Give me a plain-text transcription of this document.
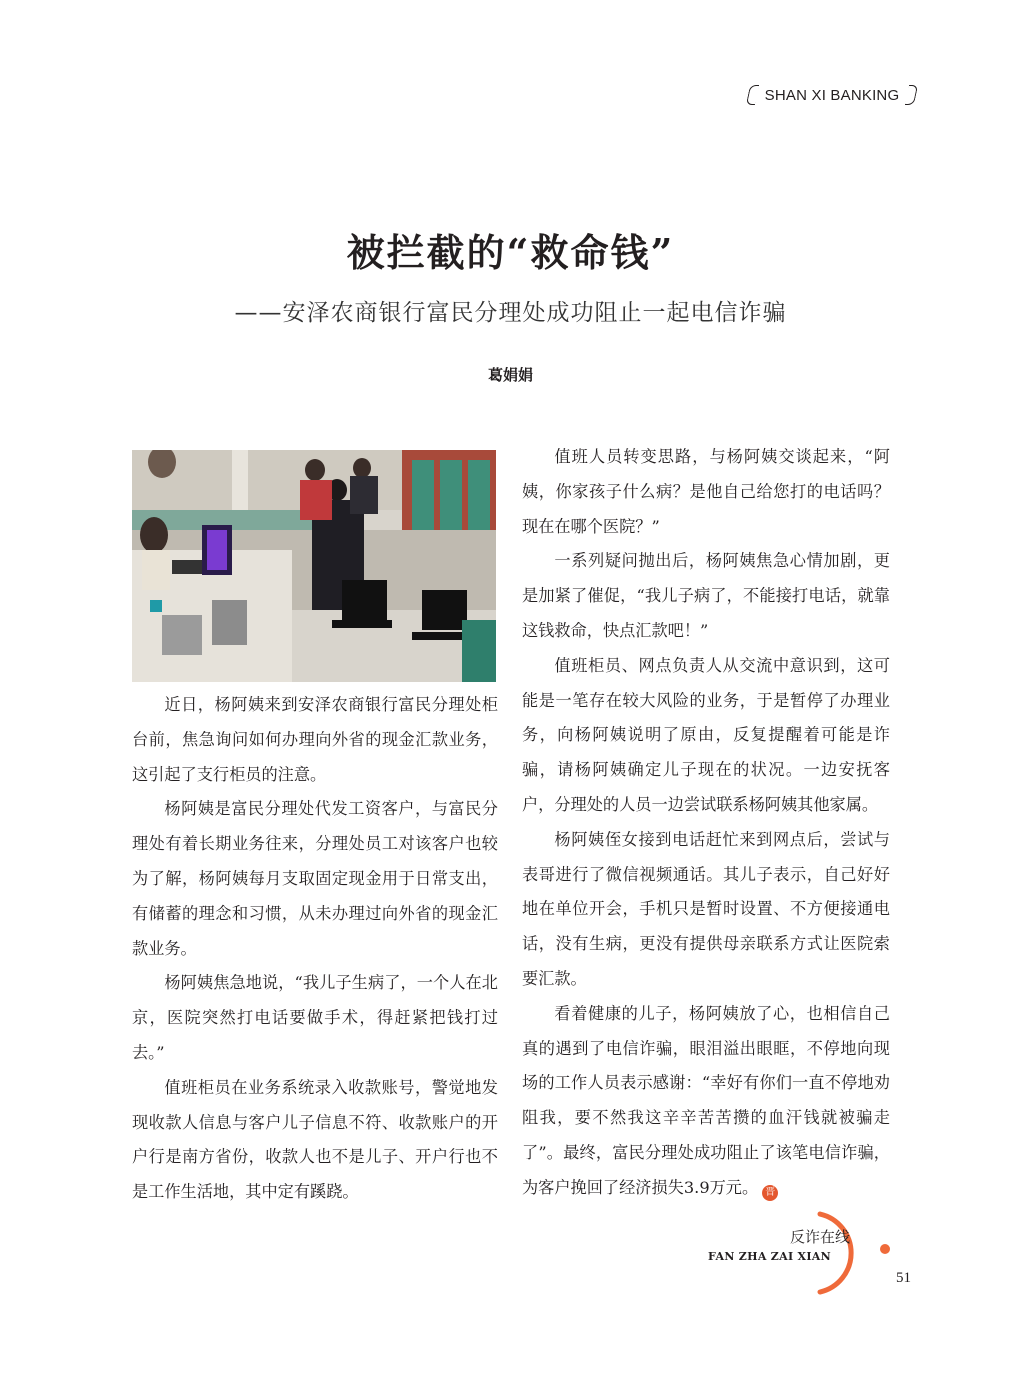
SHAN XI BANKING
被拦截的“救命钱”
——安泽农商银行富民分理处成功阻止一起电信诈骗
葛娟娟

近日，杨阿姨来到安泽农商银行富民分理处柜台前，焦急询问如何办理向外省的现金汇款业务，这引起了支行柜员的注意。

杨阿姨是富民分理处代发工资客户，与富民分理处有着长期业务往来，分理处员工对该客户也较为了解，杨阿姨每月支取固定现金用于日常支出，有储蓄的理念和习惯，从未办理过向外省的现金汇款业务。

杨阿姨焦急地说，“我儿子生病了，一个人在北京，医院突然打电话要做手术，得赶紧把钱打过去。”

值班柜员在业务系统录入收款账号，警觉地发现收款人信息与客户儿子信息不符、收款账户的开户行是南方省份，收款人也不是儿子、开户行也不是工作生活地，其中定有蹊跷。

值班人员转变思路，与杨阿姨交谈起来，“阿姨，你家孩子什么病？是他自己给您打的电话吗？现在在哪个医院？”

一系列疑问抛出后，杨阿姨焦急心情加剧，更是加紧了催促，“我儿子病了，不能接打电话，就靠这钱救命，快点汇款吧！”

值班柜员、网点负责人从交流中意识到，这可能是一笔存在较大风险的业务，于是暂停了办理业务，向杨阿姨说明了原由，反复提醒着可能是诈骗，请杨阿姨确定儿子现在的状况。一边安抚客户，分理处的人员一边尝试联系杨阿姨其他家属。

杨阿姨侄女接到电话赶忙来到网点后，尝试与表哥进行了微信视频通话。其儿子表示，自己好好地在单位开会，手机只是暂时设置、不方便接通电话，没有生病，更没有提供母亲联系方式让医院索要汇款。

看着健康的儿子，杨阿姨放了心，也相信自己真的遇到了电信诈骗，眼泪溢出眼眶，不停地向现场的工作人员表示感谢：“幸好有你们一直不停地劝阻我，要不然我这辛辛苦苦攒的血汗钱就被骗走了”。最终，富民分理处成功阻止了该笔电信诈骗，为客户挽回了经济损失3.9万元。 晋

反诈在线
FAN ZHA ZAI XIAN
51
